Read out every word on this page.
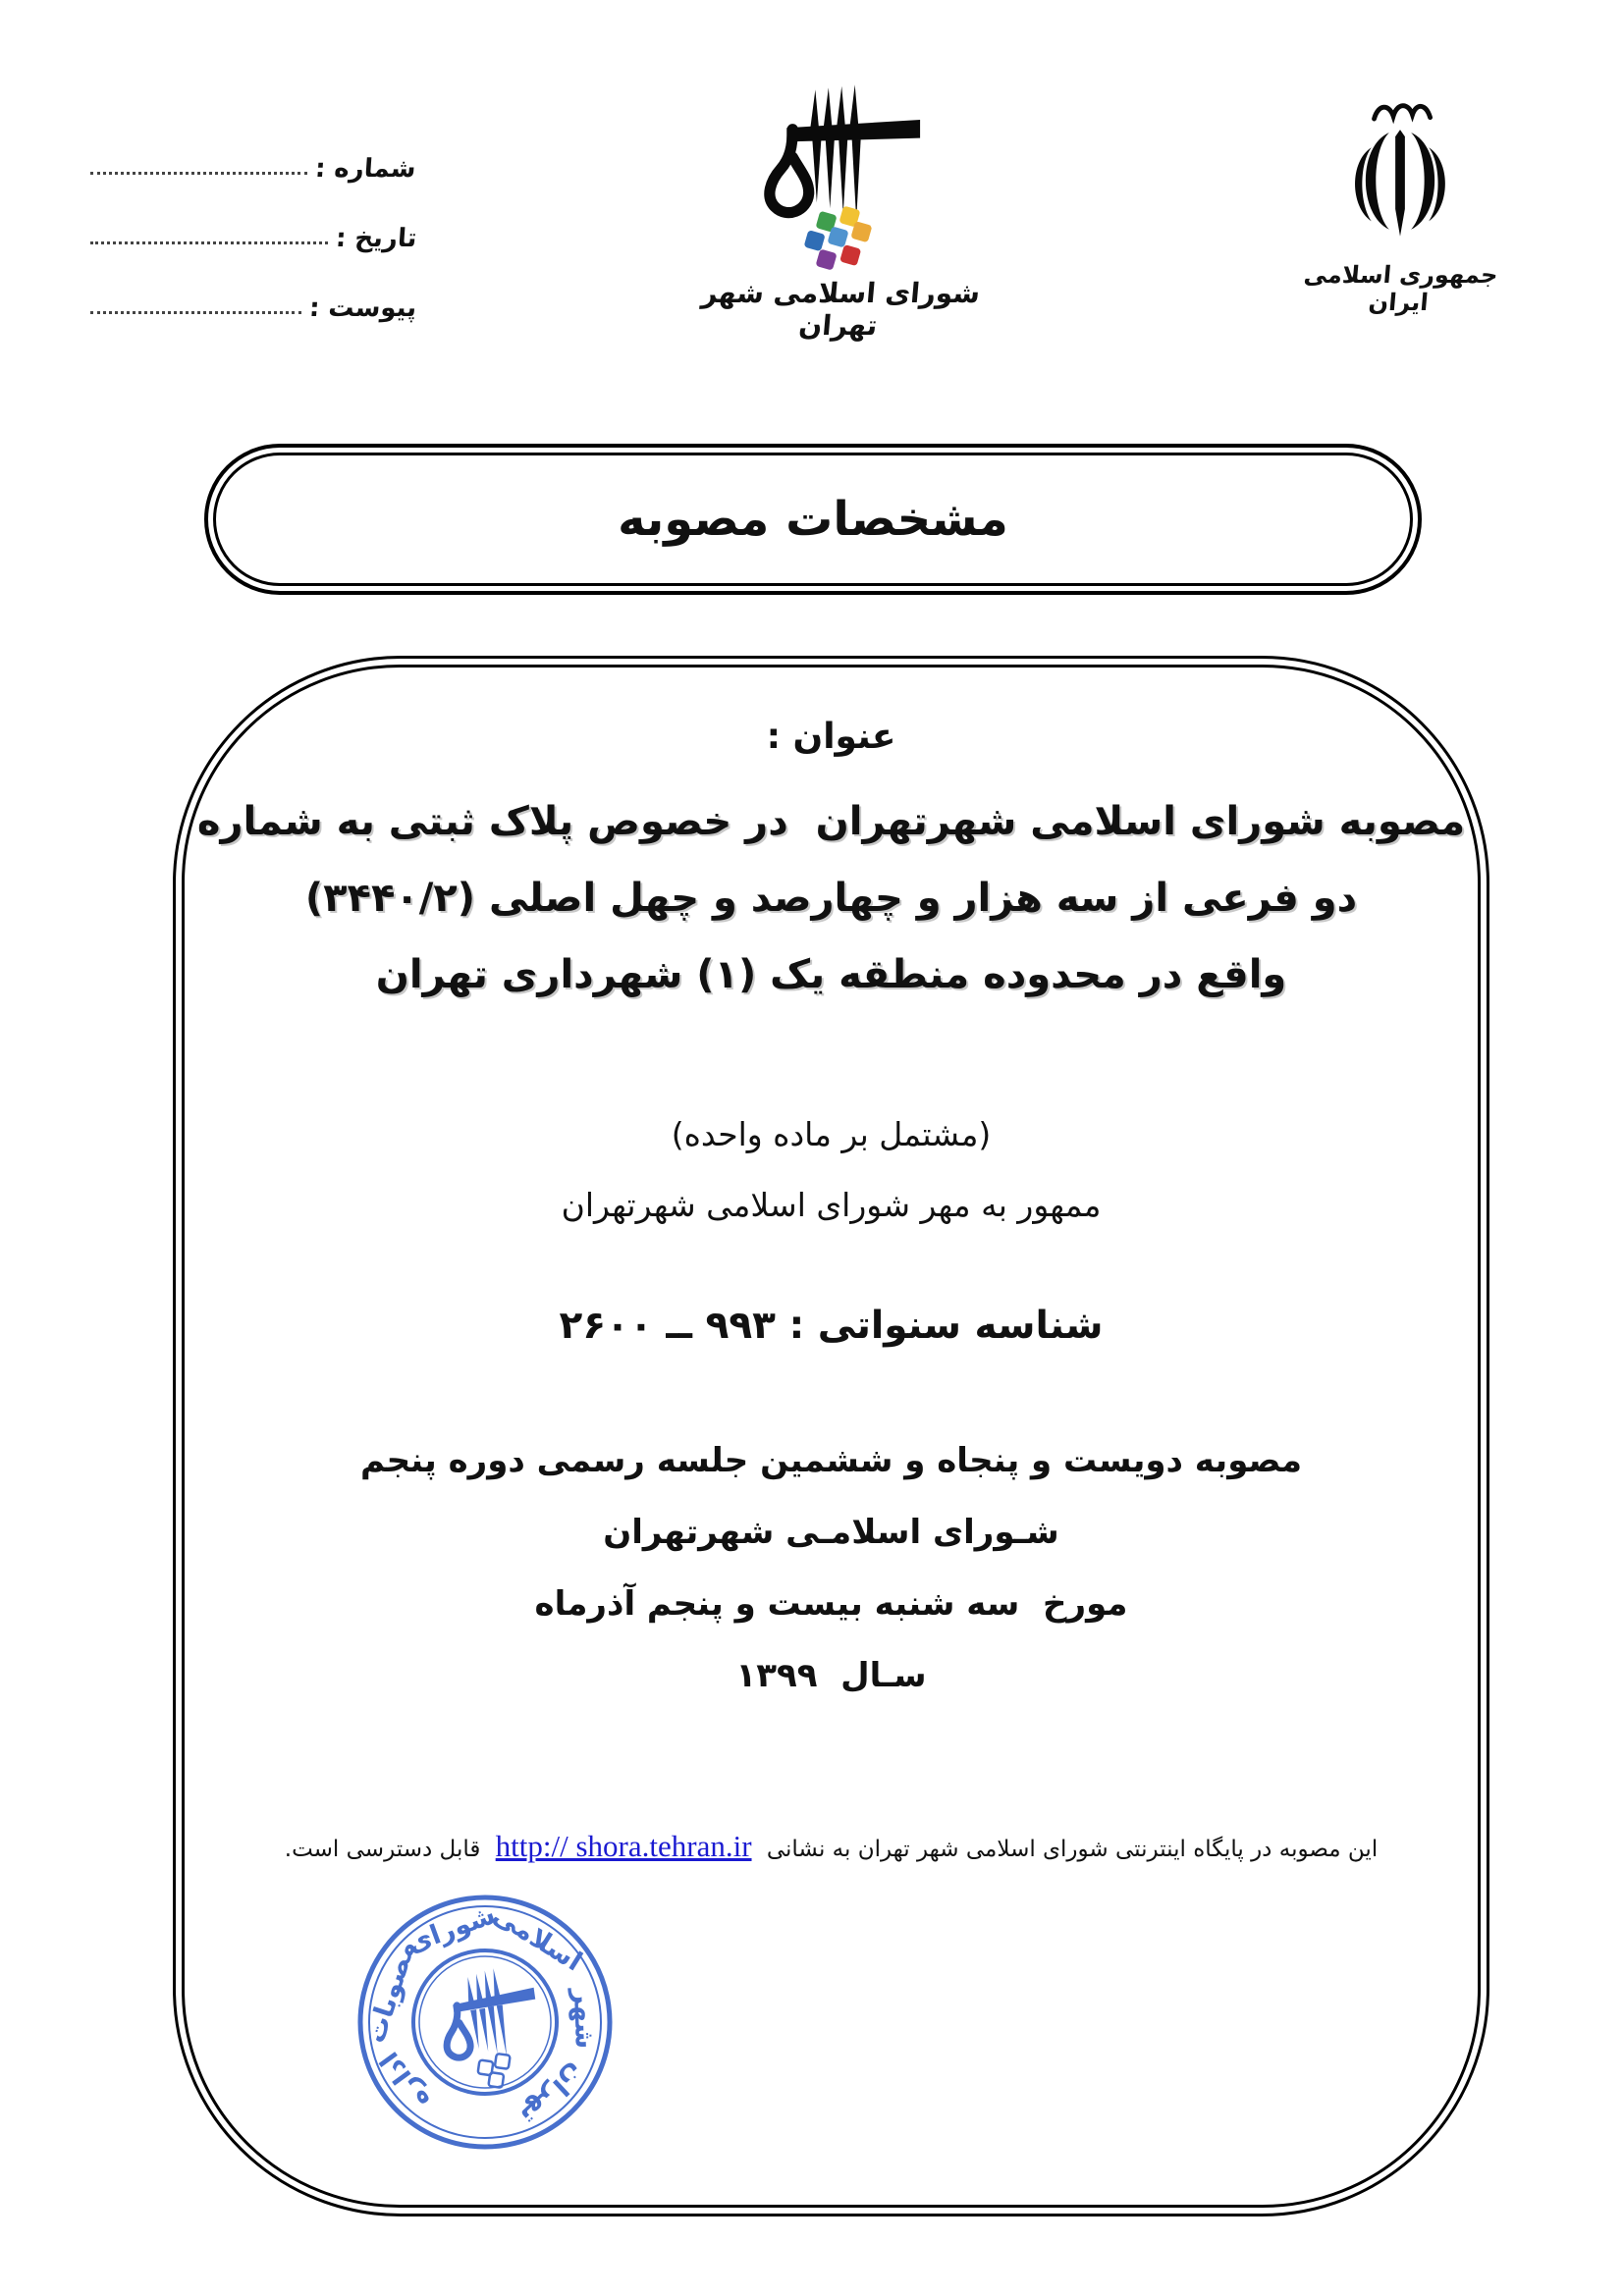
شماره :
تاریخ :
پیوست :	شورای اسلامی شهر تهران
جمهوری اسلامی ایران
مشخصات مصوبه
عنوان :
مصوبه شورای اسلامی شهرتهران  در خصوص پلاک ثبتی به شماره
دو فرعی از سه هزار و چهارصد و چهل اصلی (۳۴۴۰/۲)
واقع در محدوده منطقه یک (۱) شهرداری تهران
(مشتمل بر ماده واحده)
ممهور به مهر شورای اسلامی شهرتهران
شناسه سنواتی : ۹۹۳ ــ ۲۶۰۰
مصوبه دویست و پنجاه و ششمین جلسه رسمی دوره پنجم
شـورای اسلامـی شهرتهران
مورخ  سه شنبه بیست و پنجم آذرماه
سـال  ۱۳۹۹
این مصوبه در پایگاه اینترنتی شورای اسلامی شهر تهران به نشانی http:// shora.tehran.ir قابل دسترسی است.
اداره
مصوبات
شورای
اسلامی
شهر
تهران
